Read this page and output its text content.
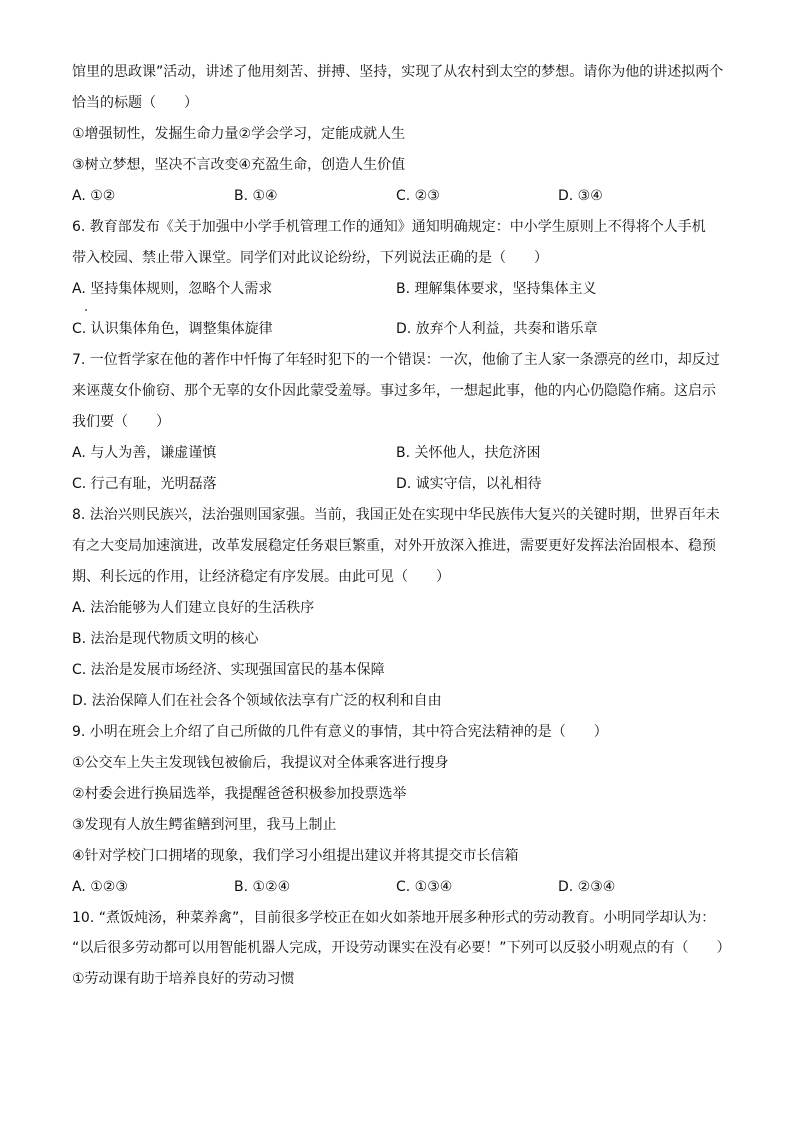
馆里的思政课”活动，讲述了他用刻苦、拼搏、坚持，实现了从农村到太空的梦想。请你为他的讲述拟两个

恰当的标题（　　）

①增强韧性，发掘生命力量②学会学习，定能成就人生

③树立梦想，坚决不言改变④充盈生命，创造人生价值

A. ①②	B. ①④	C. ②③	D. ③④

6. 教育部发布《关于加强中小学手机管理工作的通知》通知明确规定：中小学生原则上不得将个人手机

带入校园、禁止带入课堂。同学们对此议论纷纷，下列说法正确的是（　　）

A. 坚持集体规则，忽略个人需求	B. 理解集体要求，坚持集体主义
C. 认识集体角色，调整集体旋律	D. 放弃个人利益，共奏和谐乐章

7. 一位哲学家在他的著作中忏悔了年轻时犯下的一个错误：一次，他偷了主人家一条漂亮的丝巾，却反过

来诬蔑女仆偷窃、那个无辜的女仆因此蒙受羞辱。事过多年，一想起此事，他的内心仍隐隐作痛。这启示

我们要（　　）

A. 与人为善，谦虚谨慎	B. 关怀他人，扶危济困
C. 行己有耻，光明磊落	D. 诚实守信，以礼相待

8. 法治兴则民族兴，法治强则国家强。当前，我国正处在实现中华民族伟大复兴的关键时期，世界百年未

有之大变局加速演进，改革发展稳定任务艰巨繁重，对外开放深入推进，需要更好发挥法治固根本、稳预

期、利长远的作用，让经济稳定有序发展。由此可见（　　）

A. 法治能够为人们建立良好的生活秩序

B. 法治是现代物质文明的核心

C. 法治是发展市场经济、实现强国富民的基本保障

D. 法治保障人们在社会各个领域依法享有广泛的权利和自由

9. 小明在班会上介绍了自己所做的几件有意义的事情，其中符合宪法精神的是（　　）

①公交车上失主发现钱包被偷后，我提议对全体乘客进行搜身

②村委会进行换届选举，我提醒爸爸积极参加投票选举

③发现有人放生鳄雀鳝到河里，我马上制止

④针对学校门口拥堵的现象，我们学习小组提出建议并将其提交市长信箱

A. ①②③	B. ①②④	C. ①③④	D. ②③④

10. “煮饭炖汤，种菜养禽”，目前很多学校正在如火如荼地开展多种形式的劳动教育。小明同学却认为：

“以后很多劳动都可以用智能机器人完成，开设劳动课实在没有必要！”下列可以反驳小明观点的有（　　）

①劳动课有助于培养良好的劳动习惯
